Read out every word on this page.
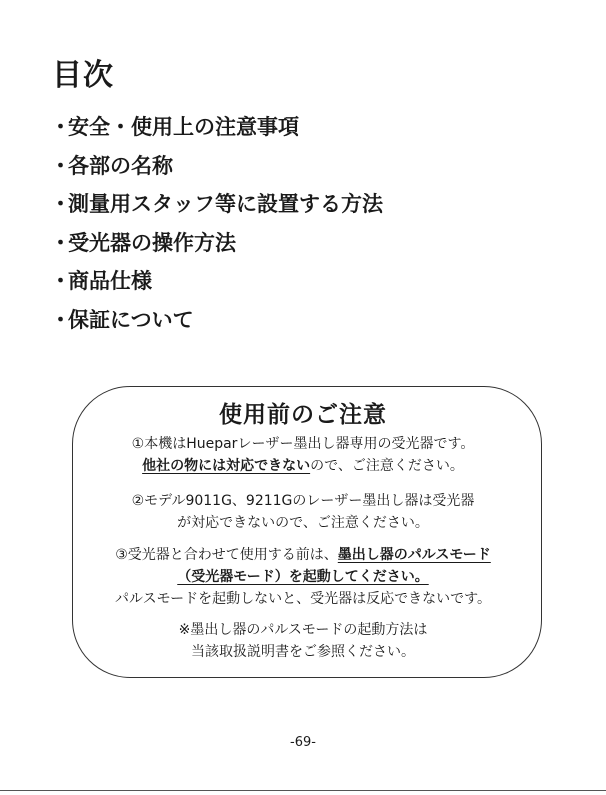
目次
・
安全・使用上の注意事項
・
各部の名称
・
測量用スタッフ等に設置する方法
・
受光器の操作方法
・
商品仕様
・
保証について
使用前のご注意
①本機はHueparレーザー墨出し器専用の受光器です。
他社の物には対応できないので、ご注意ください。
②モデル9011G、9211Gのレーザー墨出し器は受光器
が対応できないので、ご注意ください。
③受光器と合わせて使用する前は、墨出し器のパルスモード
（受光器モード）を起動してください。
パルスモードを起動しないと、受光器は反応できないです。
※墨出し器のパルスモードの起動方法は
当該取扱説明書をご参照ください。
-69-
